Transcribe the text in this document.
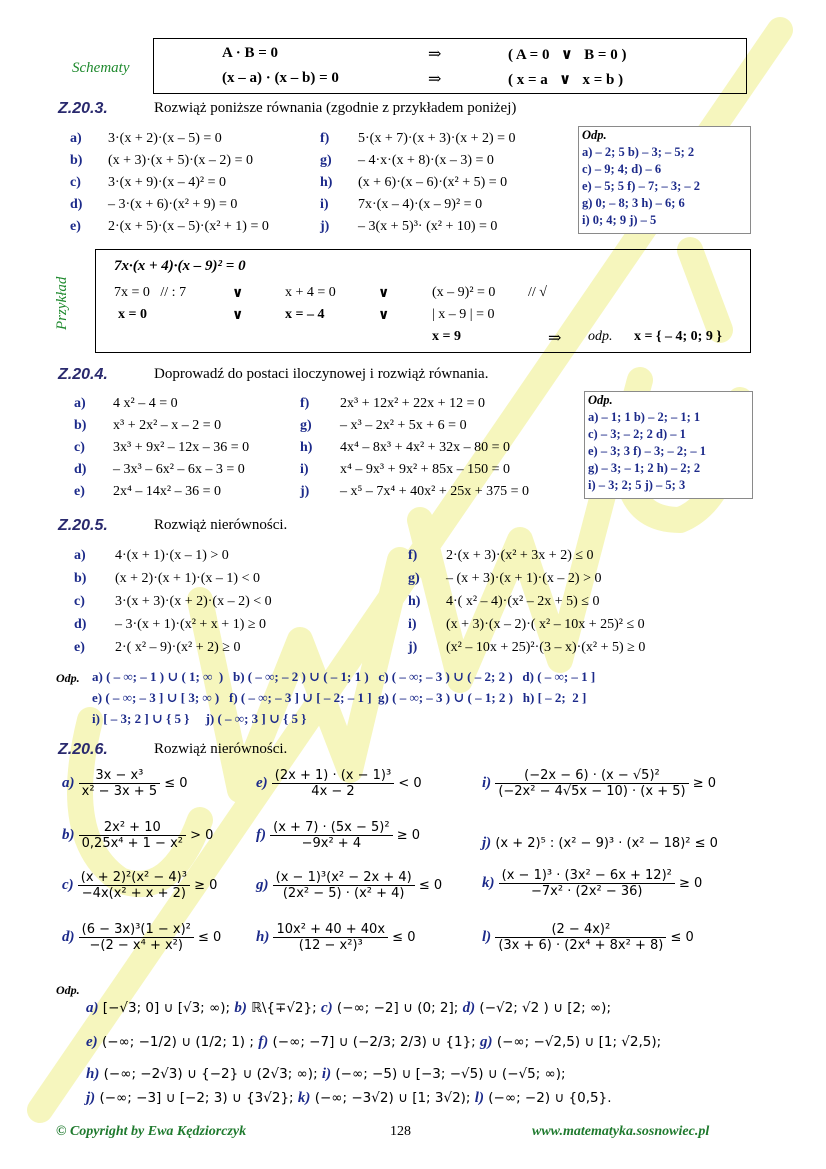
Schematy
A · B = 0	⇒	( A = 0   ∨   B = 0 )
(x – a) · (x – b) = 0	⇒	( x = a   ∨   x = b )
Z.20.3.	Rozwiąż poniższe równania (zgodnie z przykładem poniżej)
a) 3·(x + 2)·(x – 5) = 0
b) (x + 3)·(x + 5)·(x – 2) = 0
c) 3·(x + 9)·(x – 4)² = 0
d) – 3·(x + 6)·(x² + 9) = 0
e) 2·(x + 5)·(x – 5)·(x² + 1) = 0
f) 5·(x + 7)·(x + 3)·(x + 2) = 0
g) – 4·x·(x + 8)·(x – 3) = 0
h) (x + 6)·(x – 6)·(x² + 5) = 0
i) 7x·(x – 4)·(x – 9)² = 0
j) – 3(x + 5)³· (x² + 10) = 0
Odp.
a) – 2; 5 b) – 3; – 5; 2
c) – 9; 4; d) – 6
e) – 5; 5 f) – 7; – 3; – 2
g) 0; – 8; 3 h) – 6; 6
i) 0; 4; 9 j) – 5
Przykład
7x·(x + 4)·(x – 9)² = 0
7x = 0   // : 7	∨	x + 4 = 0	∨	(x – 9)² = 0 // √
x = 0	∨	x = – 4	∨	| x – 9 | = 0
x = 9	⇒ odp. x = { – 4; 0; 9 }
Z.20.4.	Doprowadź do postaci iloczynowej i rozwiąż równania.
a) 4 x² – 4 = 0
b) x³ + 2x² – x – 2 = 0
c) 3x³ + 9x² – 12x – 36 = 0
d) – 3x³ – 6x² – 6x – 3 = 0
e) 2x⁴ – 14x² – 36 = 0
f) 2x³ + 12x² + 22x + 12 = 0
g) – x³ – 2x² + 5x + 6 = 0
h) 4x⁴ – 8x³ + 4x² + 32x – 80 = 0
i) x⁴ – 9x³ + 9x² + 85x – 150 = 0
j) – x⁵ – 7x⁴ + 40x² + 25x + 375 = 0
Odp.
a) – 1; 1 b) – 2; – 1; 1
c) – 3; – 2; 2 d) – 1
e) – 3; 3 f) – 3; – 2; – 1
g) – 3; – 1; 2 h) – 2; 2
i) – 3; 2; 5 j) – 5; 3
Z.20.5.	Rozwiąż nierówności.
a) 4·(x + 1)·(x – 1) > 0
b) (x + 2)·(x + 1)·(x – 1) < 0
c) 3·(x + 3)·(x + 2)·(x – 2) < 0
d) – 3·(x + 1)·(x² + x + 1) ≥ 0
e) 2·( x² – 9)·(x² + 2) ≥ 0
f) 2·(x + 3)·(x² + 3x + 2) ≤ 0
g) – (x + 3)·(x + 1)·(x – 2) > 0
h) 4·( x² – 4)·(x² – 2x + 5) ≤ 0
i) (x + 3)·(x – 2)·( x² – 10x + 25)² ≤ 0
j) (x² – 10x + 25)²·(3 – x)·(x² + 5) ≥ 0
Odp. a) ( – ∞; – 1 ) ∪ ( 1; ∞  )   b) ( – ∞; – 2 ) ∪ ( – 1; 1 )   c) ( – ∞; – 3 ) ∪ ( – 2; 2 )   d) ( – ∞; – 1 ]
e) ( – ∞; – 3 ] ∪ [ 3; ∞ )   f) ( – ∞; – 3 ] ∪ [ – 2; – 1 ]  g) ( – ∞; – 3 ) ∪ ( – 1; 2 )   h) [ – 2;  2 ]
i) [ – 3; 2 ] ∪ { 5 }     j) ( – ∞; 3 ] ∪ { 5 }
Z.20.6.	Rozwiąż nierówności.
$a) \frac{\text{3x − x³}}{\text{x² − 3x + 5}} \le 0$
$b) \frac{\text{2x² + 10}}{\text{0,25x⁴ + 1 − x²}} > 0$
$c) \frac{\text{(x + 2)²(x² − 4)³}}{\text{−4x(x² + x + 2)}} \ge 0$
$d) \frac{\text{(6 − 3x)³(1 − x)²}}{\text{−(2 − x⁴ + x²)}} \le 0$
$e) \frac{\text{(2x + 1) · (x − 1)³}}{4x - 2} < 0$
$f) \frac{\text{(x + 7) · (5x − 5)²}}{\text{−9x² + 4}} \ge 0$
$g) \frac{\text{(x − 1)³(x² − 2x + 4)}}{\text{(2x² − 5) · (x² + 4)}} \le 0$
$h) \frac{\text{10x² + 40 + 40x}}{\text{(12 − x²)³}} \le 0$
$i) \frac{\text{(−2x − 6) · (x − √5)²}}{\text{(−2x² − 4√5x − 10) · (x + 5)}} \ge 0$
j) (x + 2)⁵ : (x² − 9)³ · (x² − 18)² ≤ 0
$k) \frac{\text{(x − 1)³ · (3x² − 6x + 12)²}}{\text{−7x² · (2x² − 36)}} \ge 0$
$l) \frac{\text{(2 − 4x)²}}{\text{(3x + 6) · (2x⁴ + 8x² + 8)}} \le 0$
Odp.
a) [−√3; 0] ∪ [√3; ∞); b) ℝ\{∓√2}; c) (−∞; −2] ∪ (0; 2]; d) (−√2; √2 ) ∪ [2; ∞);
e) (−∞; −1/2) ∪ (1/2; 1) ; f) (−∞; −7] ∪ (−2/3; 2/3) ∪ {1}; g) (−∞; −√2,5) ∪ [1; √2,5);
h) (−∞; −2√3) ∪ {−2} ∪ (2√3; ∞); i) (−∞; −5) ∪ [−3; −√5) ∪ (−√5; ∞);
j) (−∞; −3] ∪ [−2; 3) ∪ {3√2}; k) (−∞; −3√2) ∪ [1; 3√2); l) (−∞; −2) ∪ {0,5}.
© Copyright by Ewa Kędziorczyk	128	www.matematyka.sosnowiec.pl
